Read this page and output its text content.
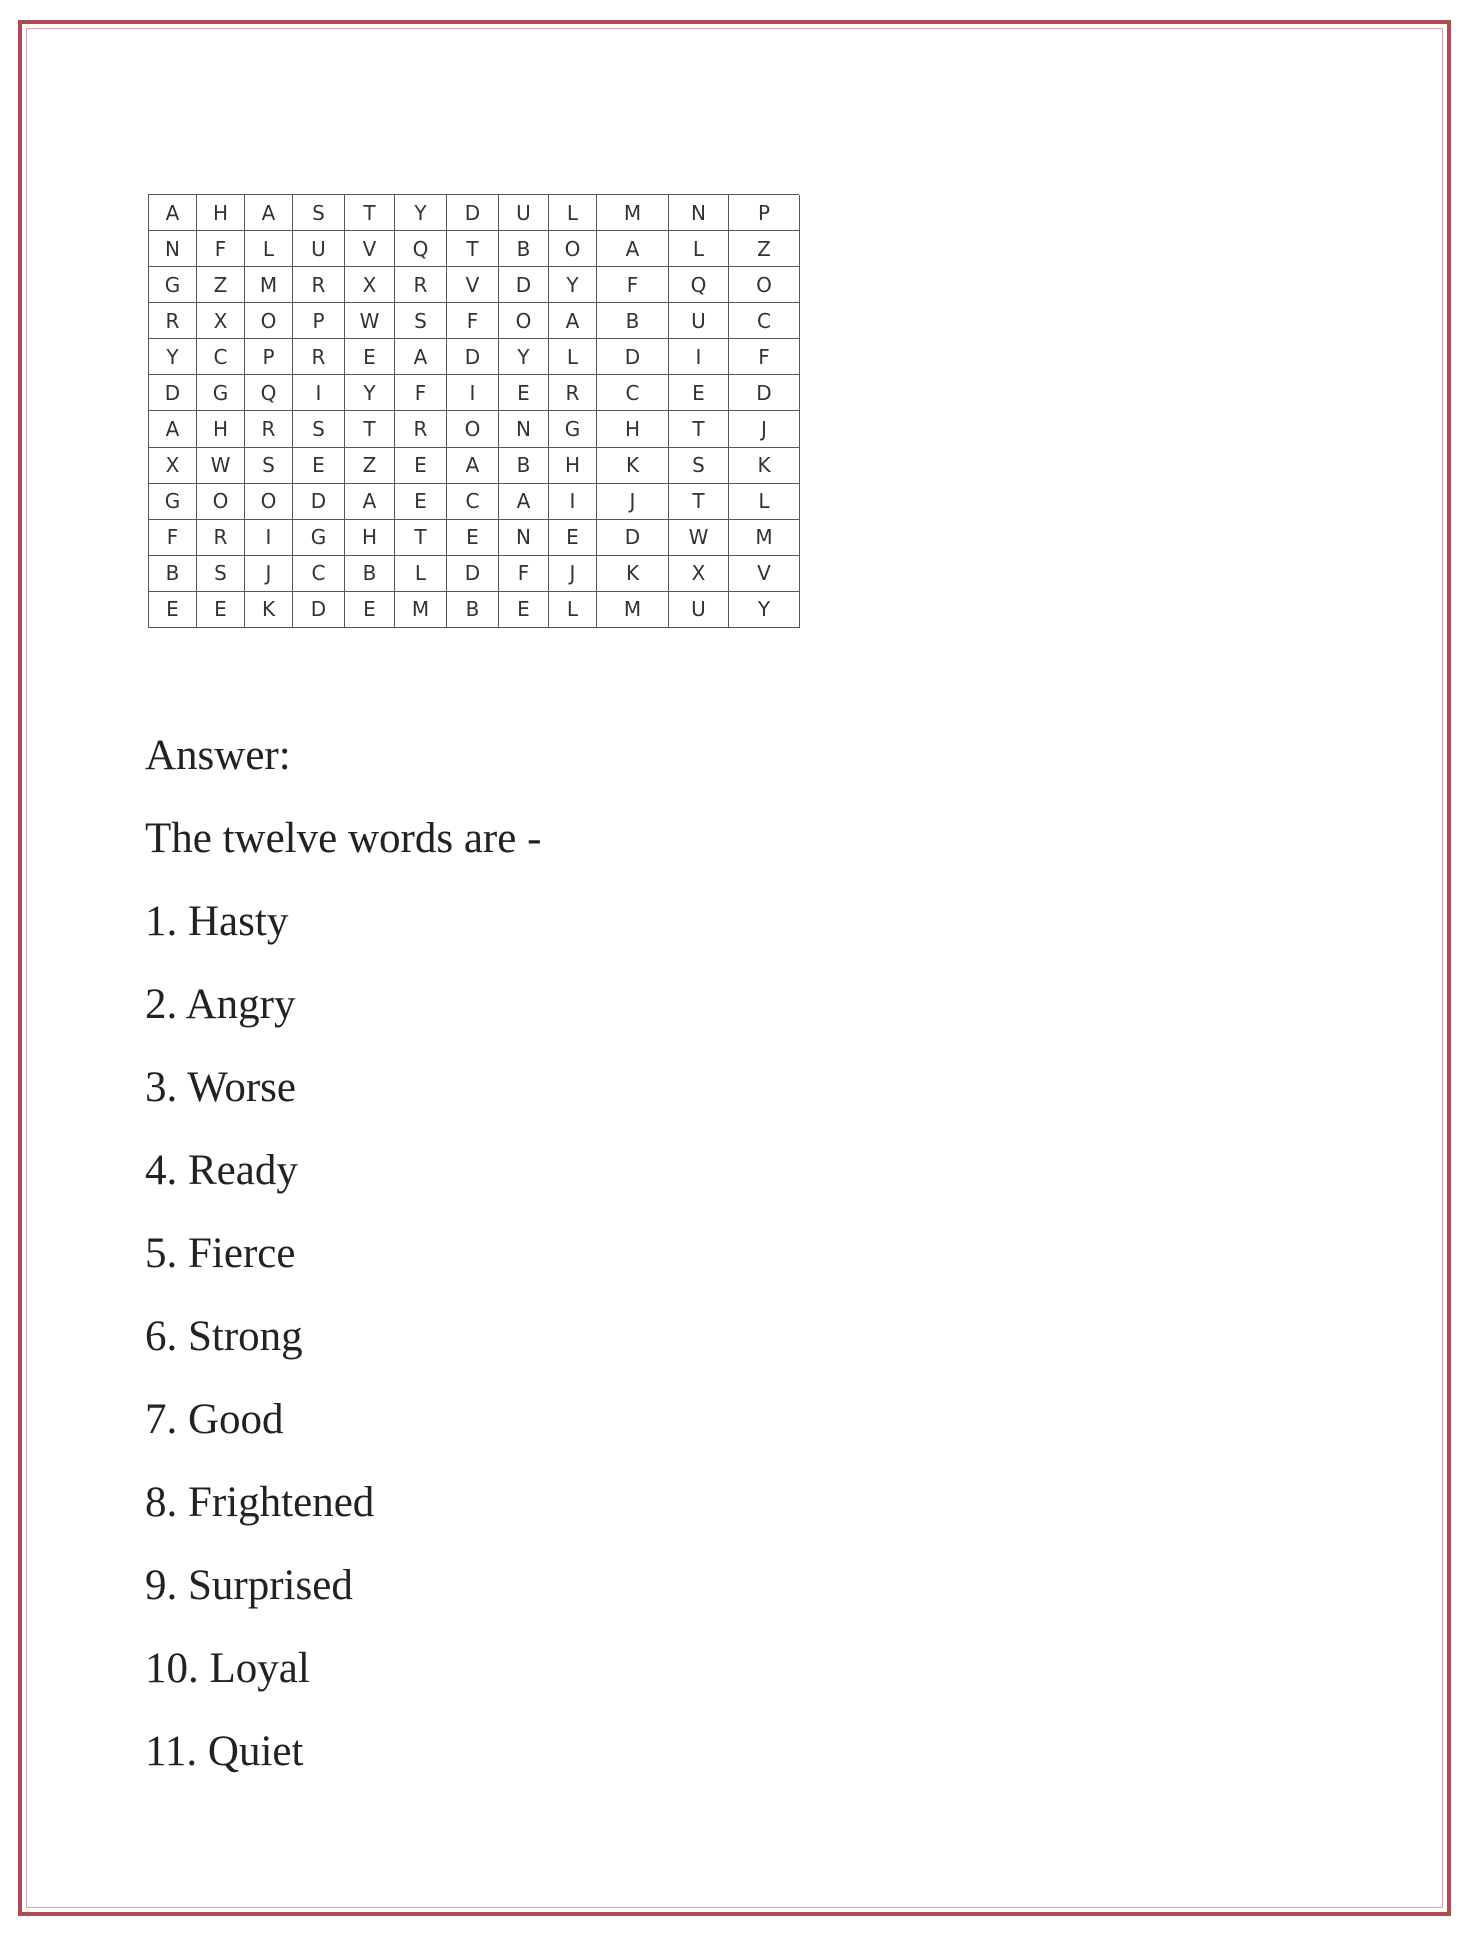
A	H	A	S	T	Y	D	U	L	M	N	P
N	F	L	U	V	Q	T	B	O	A	L	Z
G	Z	M	R	X	R	V	D	Y	F	Q	O
R	X	O	P	W	S	F	O	A	B	U	C
Y	C	P	R	E	A	D	Y	L	D	I	F
D	G	Q	I	Y	F	I	E	R	C	E	D
A	H	R	S	T	R	O	N	G	H	T	J
X	W	S	E	Z	E	A	B	H	K	S	K
G	O	O	D	A	E	C	A	I	J	T	L
F	R	I	G	H	T	E	N	E	D	W	M
B	S	J	C	B	L	D	F	J	K	X	V
E	E	K	D	E	M	B	E	L	M	U	Y
Answer:
The twelve words are -
1. Hasty
2. Angry
3. Worse
4. Ready
5. Fierce
6. Strong
7. Good
8. Frightened
9. Surprised
10. Loyal
11. Quiet
